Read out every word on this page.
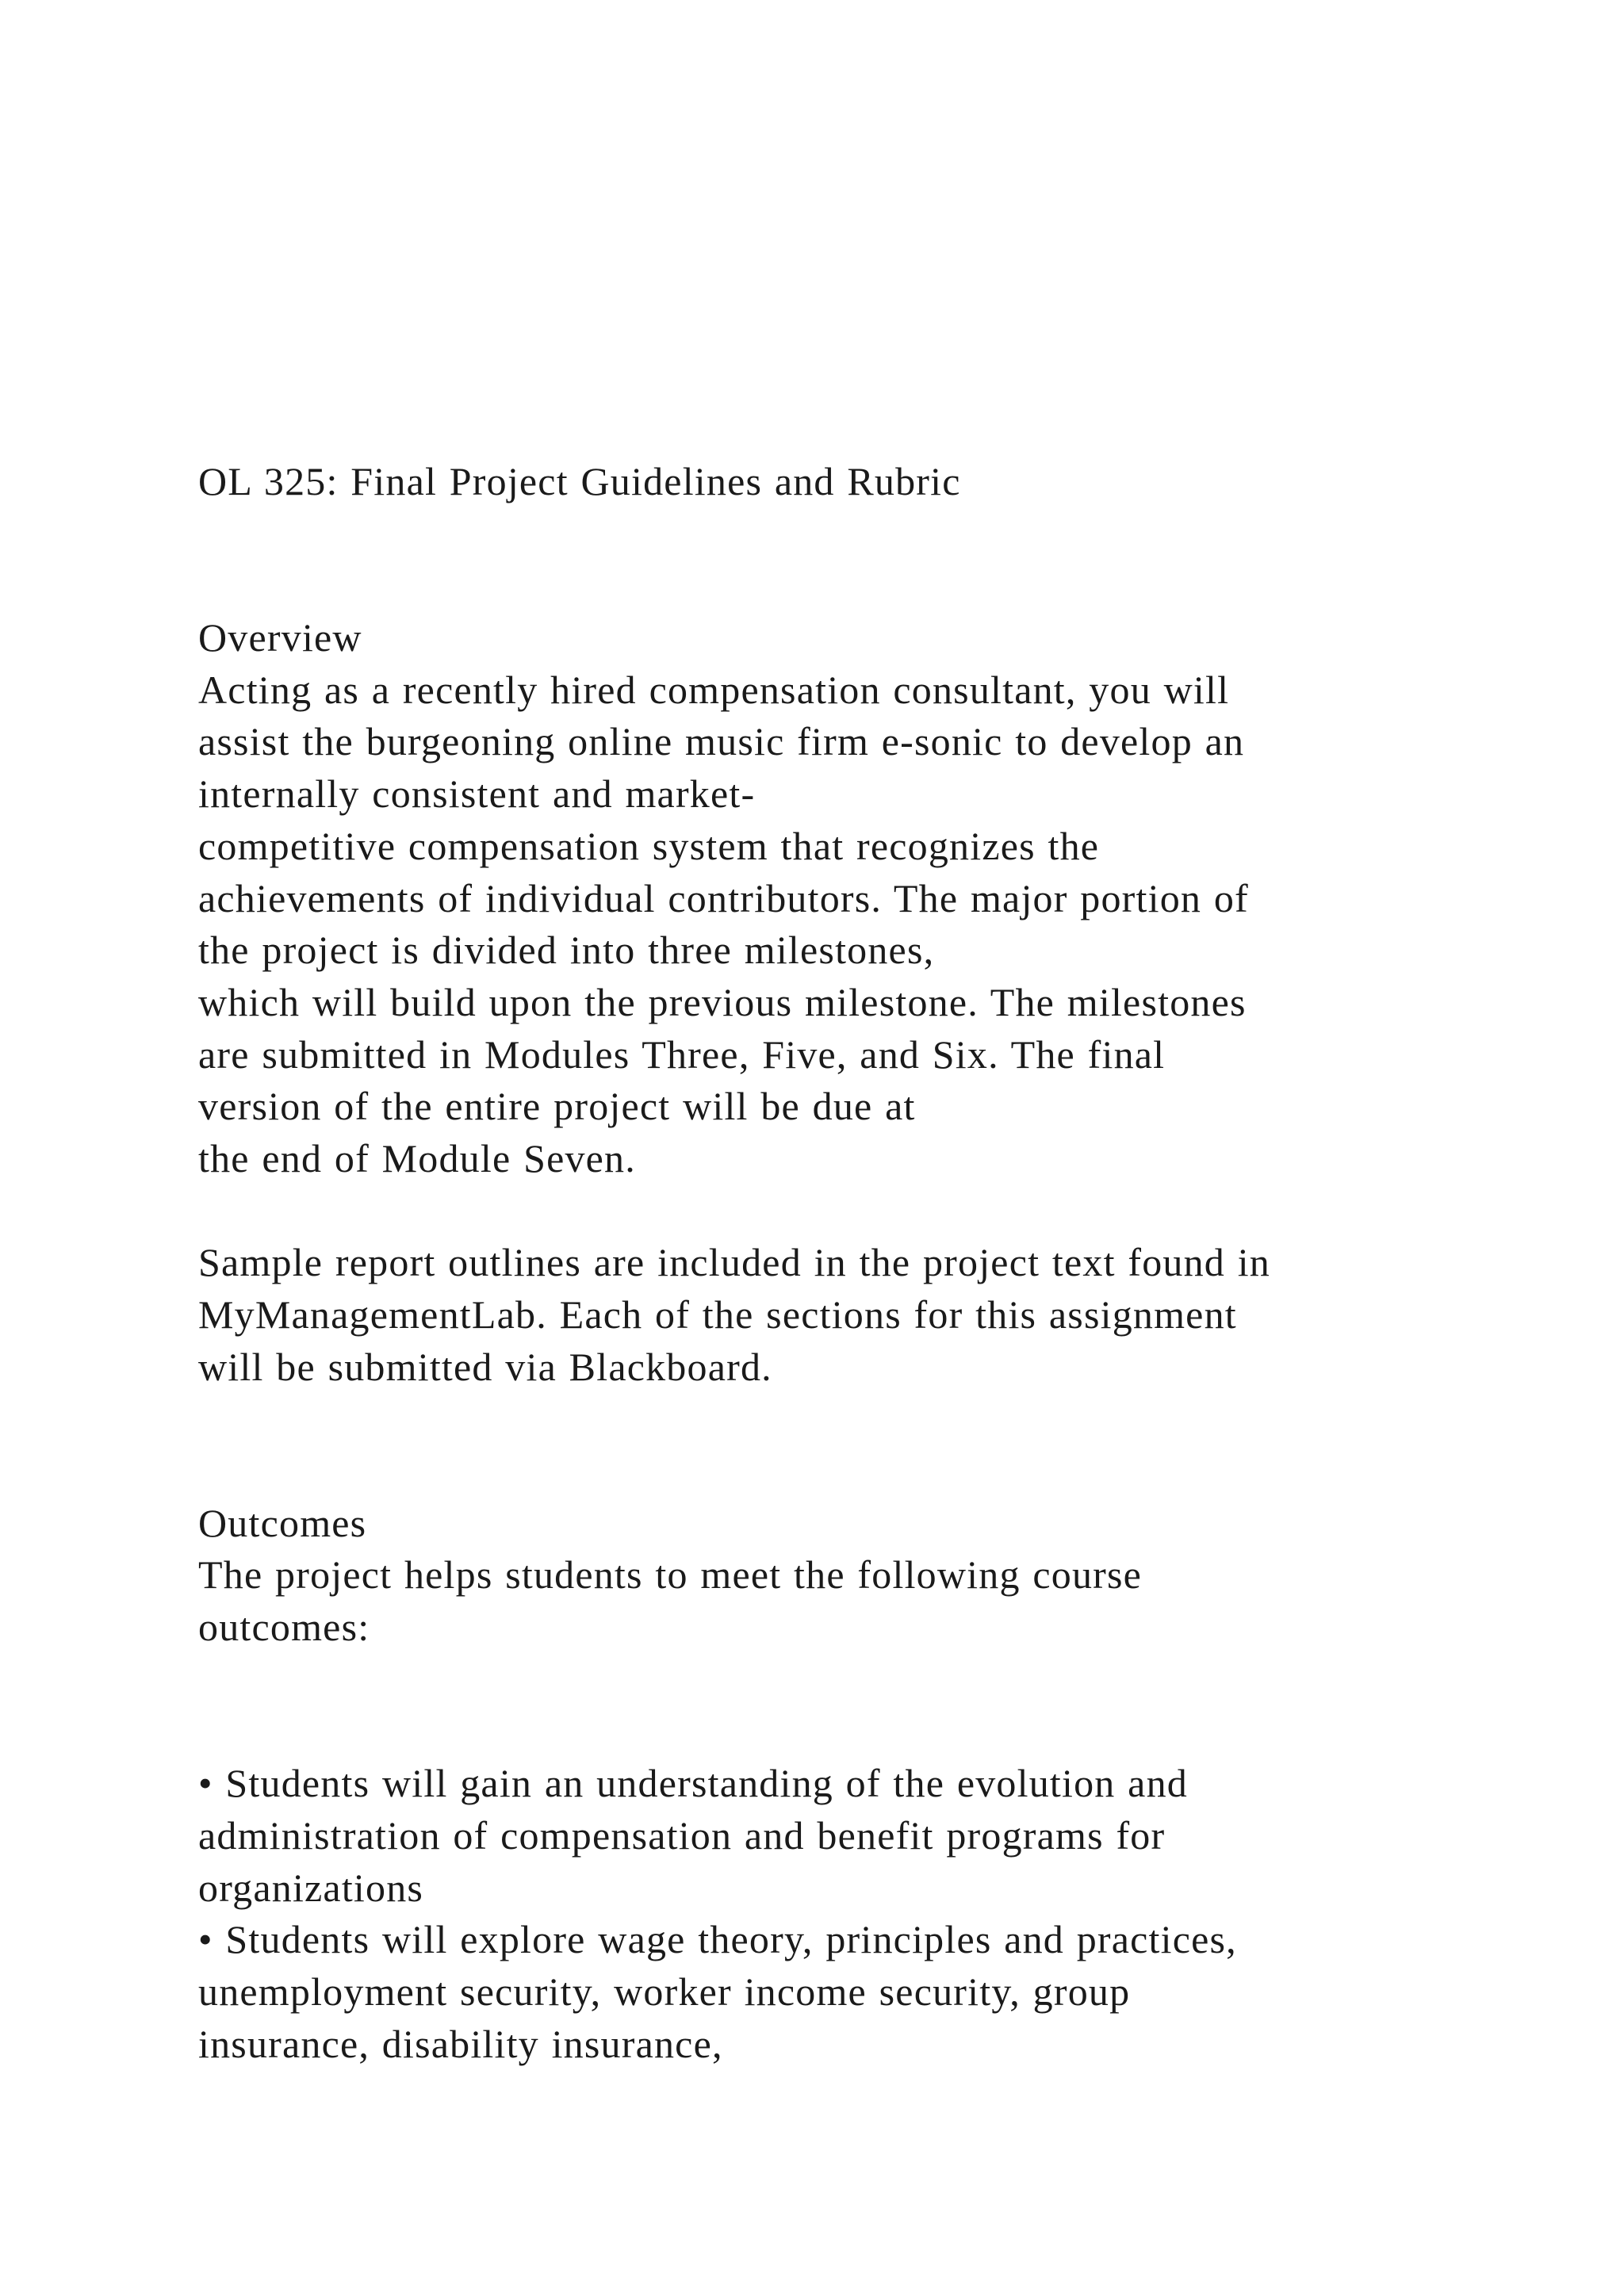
OL 325: Final Project Guidelines and Rubric
Overview
Acting as a recently hired compensation consultant, you will
assist the burgeoning online music firm e-sonic to develop an
internally consistent and market-
competitive compensation system that recognizes the
achievements of individual contributors. The major portion of
the project is divided into three milestones,
which will build upon the previous milestone. The milestones
are submitted in Modules Three, Five, and Six. The final
version of the entire project will be due at
the end of Module Seven.
Sample report outlines are included in the project text found in
MyManagementLab. Each of the sections for this assignment
will be submitted via Blackboard.
Outcomes
The project helps students to meet the following course
outcomes:
• Students will gain an understanding of the evolution and
administration of compensation and benefit programs for
organizations
• Students will explore wage theory, principles and practices,
unemployment security, worker income security, group
insurance, disability insurance,
